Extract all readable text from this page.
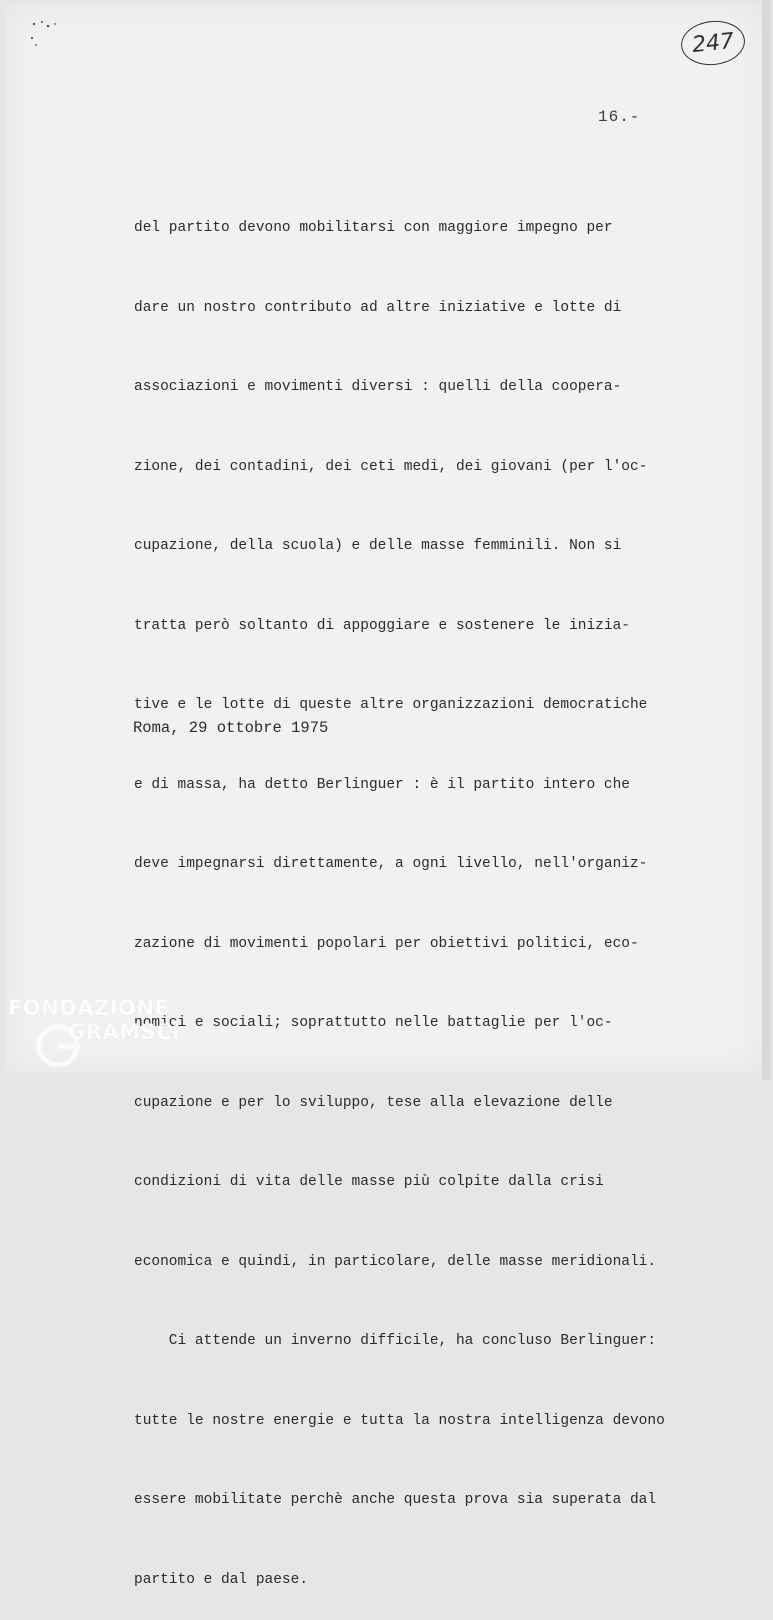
247
16.-

del partito devono mobilitarsi con maggiore impegno per

dare un nostro contributo ad altre iniziative e lotte di

associazioni e movimenti diversi : quelli della coopera-

zione, dei contadini, dei ceti medi, dei giovani (per l'oc-

cupazione, della scuola) e delle masse femminili. Non si

tratta però soltanto di appoggiare e sostenere le inizia-

tive e le lotte di queste altre organizzazioni democratiche

e di massa, ha detto Berlinguer : è il partito intero che

deve impegnarsi direttamente, a ogni livello, nell'organiz-

zazione di movimenti popolari per obiettivi politici, eco-

nomici e sociali; soprattutto nelle battaglie per l'oc-

cupazione e per lo sviluppo, tese alla elevazione delle

condizioni di vita delle masse più colpite dalla crisi

economica e quindi, in particolare, delle masse meridionali.

Ci attende un inverno difficile, ha concluso Berlinguer:

tutte le nostre energie e tutta la nostra intelligenza devono

essere mobilitate perchè anche questa prova sia superata dal

partito e dal paese.

Roma, 29 ottobre 1975
FONDAZIONE
GRAMSCI
